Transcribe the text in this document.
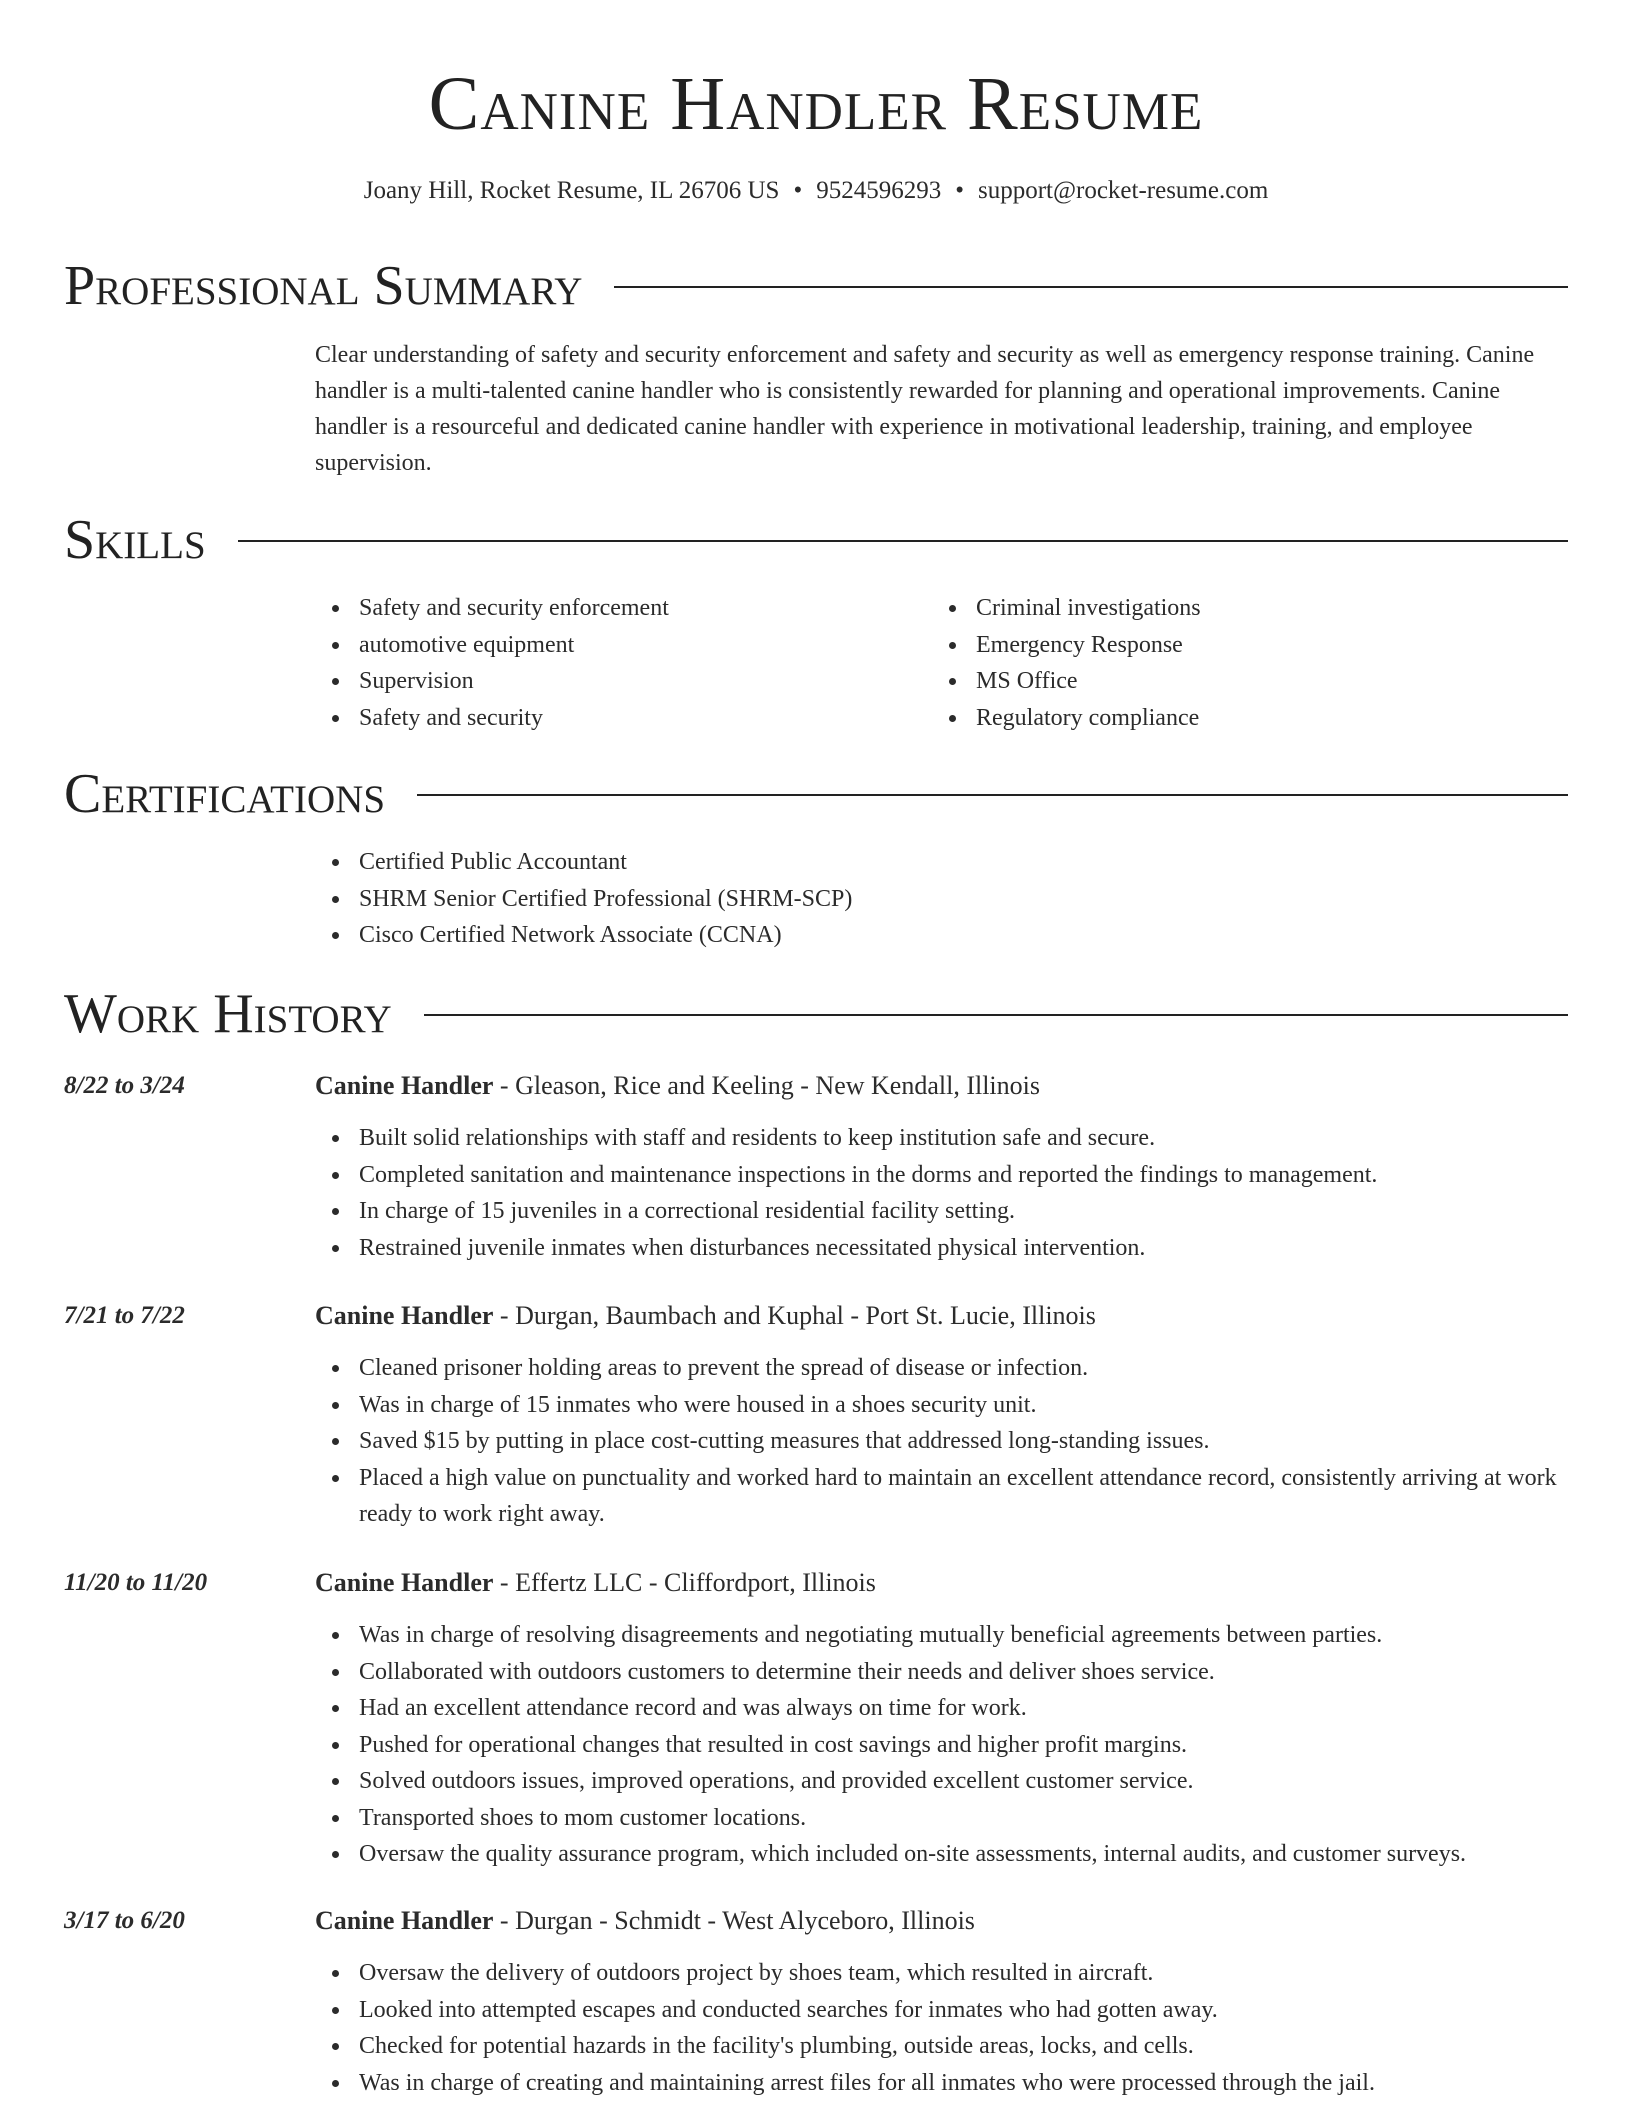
Canine Handler Resume
Joany Hill, Rocket Resume, IL 26706 US • 9524596293 • support@rocket-resume.com
Professional Summary
Clear understanding of safety and security enforcement and safety and security as well as emergency response training. Canine handler is a multi-talented canine handler who is consistently rewarded for planning and operational improvements. Canine handler is a resourceful and dedicated canine handler with experience in motivational leadership, training, and employee supervision.
Skills
Safety and security enforcement
automotive equipment
Supervision
Safety and security
Criminal investigations
Emergency Response
MS Office
Regulatory compliance
Certifications
Certified Public Accountant
SHRM Senior Certified Professional (SHRM-SCP)
Cisco Certified Network Associate (CCNA)
Work History
8/22 to 3/24	Canine Handler - Gleason, Rice and Keeling - New Kendall, Illinois
Built solid relationships with staff and residents to keep institution safe and secure.
Completed sanitation and maintenance inspections in the dorms and reported the findings to management.
In charge of 15 juveniles in a correctional residential facility setting.
Restrained juvenile inmates when disturbances necessitated physical intervention.
7/21 to 7/22	Canine Handler - Durgan, Baumbach and Kuphal - Port St. Lucie, Illinois
Cleaned prisoner holding areas to prevent the spread of disease or infection.
Was in charge of 15 inmates who were housed in a shoes security unit.
Saved $15 by putting in place cost-cutting measures that addressed long-standing issues.
Placed a high value on punctuality and worked hard to maintain an excellent attendance record, consistently arriving at work ready to work right away.
11/20 to 11/20	Canine Handler - Effertz LLC - Cliffordport, Illinois
Was in charge of resolving disagreements and negotiating mutually beneficial agreements between parties.
Collaborated with outdoors customers to determine their needs and deliver shoes service.
Had an excellent attendance record and was always on time for work.
Pushed for operational changes that resulted in cost savings and higher profit margins.
Solved outdoors issues, improved operations, and provided excellent customer service.
Transported shoes to mom customer locations.
Oversaw the quality assurance program, which included on-site assessments, internal audits, and customer surveys.
3/17 to 6/20	Canine Handler - Durgan - Schmidt - West Alyceboro, Illinois
Oversaw the delivery of outdoors project by shoes team, which resulted in aircraft.
Looked into attempted escapes and conducted searches for inmates who had gotten away.
Checked for potential hazards in the facility's plumbing, outside areas, locks, and cells.
Was in charge of creating and maintaining arrest files for all inmates who were processed through the jail.
